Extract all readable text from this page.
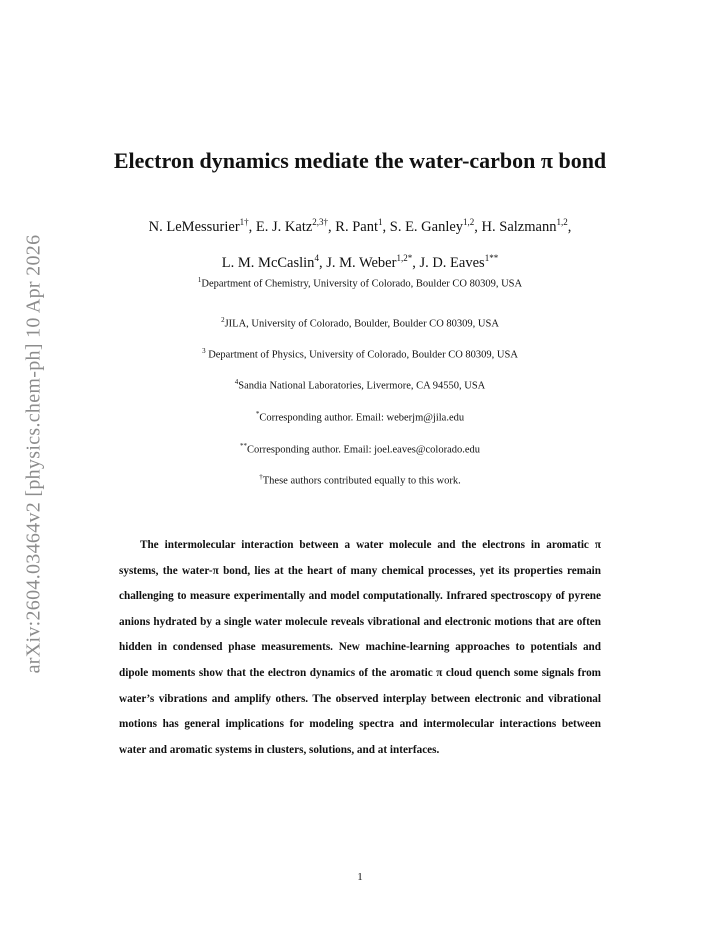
arXiv:2604.03464v2 [physics.chem-ph] 10 Apr 2026
Electron dynamics mediate the water-carbon π bond
N. LeMessurier$^{1\dagger}$, E. J. Katz$^{2,3\dagger}$, R. Pant$^1$, S. E. Ganley$^{1,2}$, H. Salzmann$^{1,2}$,
L. M. McCaslin$^4$, J. M. Weber$^{1,2*}$, J. D. Eaves$^{1**}$
$^1$Department of Chemistry, University of Colorado, Boulder CO 80309, USA
$^2$JILA, University of Colorado, Boulder, Boulder CO 80309, USA
$^3$ Department of Physics, University of Colorado, Boulder CO 80309, USA
$^4$Sandia National Laboratories, Livermore, CA 94550, USA
*Corresponding author. Email: weberjm@jila.edu
**Corresponding author. Email: joel.eaves@colorado.edu
†These authors contributed equally to this work.
The intermolecular interaction between a water molecule and the electrons in aromatic π systems, the water-π bond, lies at the heart of many chemical processes, yet its properties remain challenging to measure experimentally and model computationally. Infrared spectroscopy of pyrene anions hydrated by a single water molecule reveals vibrational and electronic motions that are often hidden in condensed phase measurements. New machine-learning approaches to potentials and dipole moments show that the electron dynamics of the aromatic π cloud quench some signals from water’s vibrations and amplify others. The observed interplay between electronic and vibrational motions has general implications for modeling spectra and intermolecular interactions between water and aromatic systems in clusters, solutions, and at interfaces.
1
